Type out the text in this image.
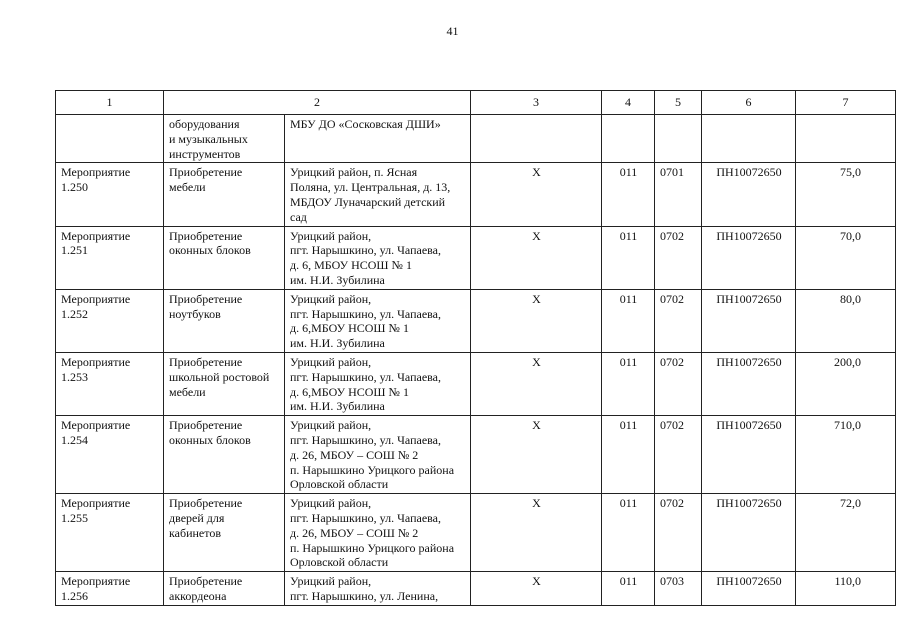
41
1	2		3	4	5	6	7

	оборудования
и музыкальных
инструментов	МБУ ДО «Сосковская ДШИ»					

Мероприятие
1.250	Приобретение
мебели	Урицкий район, п. Ясная
Поляна, ул. Центральная, д. 13,
МБДОУ Луначарский детский
сад	Х	011	0701	ПН10072650	75,0

Мероприятие
1.251	Приобретение
оконных блоков	Урицкий район,
пгт. Нарышкино, ул. Чапаева,
д. 6, МБОУ НСОШ № 1
им. Н.И. Зубилина	Х	011	0702	ПН10072650	70,0

Мероприятие
1.252	Приобретение
ноутбуков	Урицкий район,
пгт. Нарышкино, ул. Чапаева,
д. 6,МБОУ НСОШ № 1
им. Н.И. Зубилина	Х	011	0702	ПН10072650	80,0

Мероприятие
1.253	Приобретение
школьной ростовой
мебели	Урицкий район,
пгт. Нарышкино, ул. Чапаева,
д. 6,МБОУ НСОШ № 1
им. Н.И. Зубилина	Х	011	0702	ПН10072650	200,0

Мероприятие
1.254	Приобретение
оконных блоков	Урицкий район,
пгт. Нарышкино, ул. Чапаева,
д. 26, МБОУ – СОШ № 2
п. Нарышкино Урицкого района
Орловской области	Х	011	0702	ПН10072650	710,0

Мероприятие
1.255	Приобретение
дверей для
кабинетов	Урицкий район,
пгт. Нарышкино, ул. Чапаева,
д. 26, МБОУ – СОШ № 2
п. Нарышкино Урицкого района
Орловской области	Х	011	0702	ПН10072650	72,0

Мероприятие
1.256	Приобретение
аккордеона	Урицкий район,
пгт. Нарышкино, ул. Ленина,	Х	011	0703	ПН10072650	110,0
